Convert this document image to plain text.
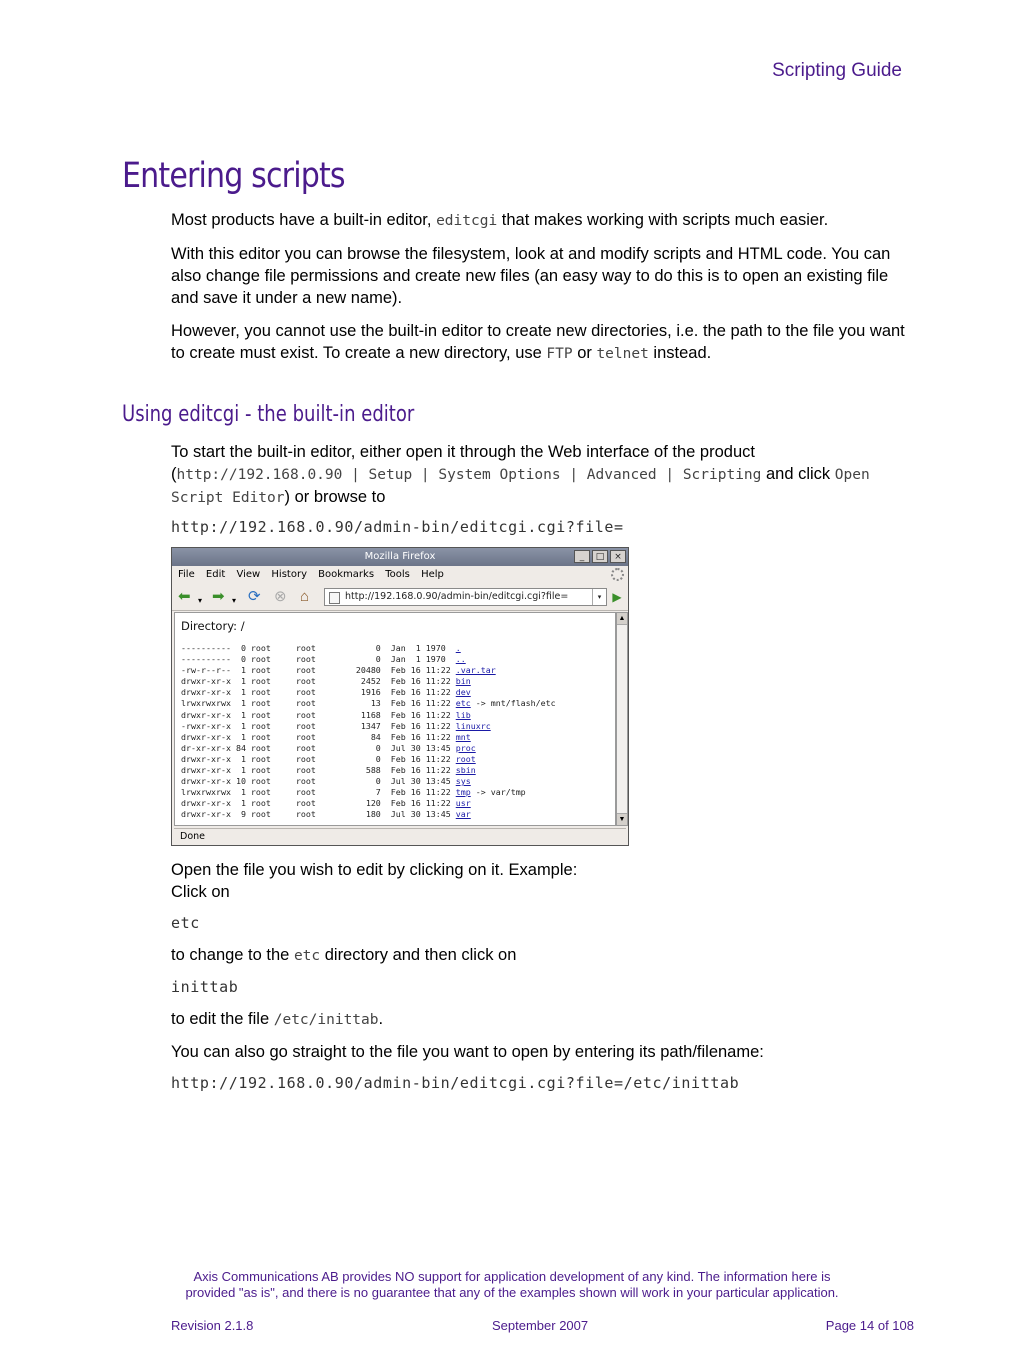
Scripting Guide
Entering scripts
Most products have a built-in editor, editcgi that makes working with scripts much easier.
With this editor you can browse the filesystem, look at and modify scripts and HTML code. You can also change file permissions and create new files (an easy way to do this is to open an existing file and save it under a new name).
However, you cannot use the built-in editor to create new directories, i.e. the path to the file you want to create must exist. To create a new directory, use FTP or telnet instead.
Using editcgi - the built-in editor
To start the built-in editor, either open it through the Web interface of the product (http://192.168.0.90 | Setup | System Options | Advanced | Scripting and click Open Script Editor) or browse to
http://192.168.0.90/admin-bin/editcgi.cgi?file=
Mozilla Firefox	_	□	×
File Edit View History Bookmarks Tools Help
⬅ ▾ ➡ ▾ ⟳ ⊗ ⌂	http://192.168.0.90/admin-bin/editcgi.cgi?file=	▾ ▶
Directory: /
----------  0 root     root            0  Jan  1 1970  .
----------  0 root     root            0  Jan  1 1970  ..
-rw-r--r--  1 root     root        20480  Feb 16 11:22 .var.tar
drwxr-xr-x  1 root     root         2452  Feb 16 11:22 bin
drwxr-xr-x  1 root     root         1916  Feb 16 11:22 dev
lrwxrwxrwx  1 root     root           13  Feb 16 11:22 etc -> mnt/flash/etc
drwxr-xr-x  1 root     root         1168  Feb 16 11:22 lib
-rwxr-xr-x  1 root     root         1347  Feb 16 11:22 linuxrc
drwxr-xr-x  1 root     root           84  Feb 16 11:22 mnt
dr-xr-xr-x 84 root     root            0  Jul 30 13:45 proc
drwxr-xr-x  1 root     root            0  Feb 16 11:22 root
drwxr-xr-x  1 root     root          588  Feb 16 11:22 sbin
drwxr-xr-x 10 root     root            0  Jul 30 13:45 sys
lrwxrwxrwx  1 root     root            7  Feb 16 11:22 tmp -> var/tmp
drwxr-xr-x  1 root     root          120  Feb 16 11:22 usr
drwxr-xr-x  9 root     root          180  Jul 30 13:45 var
▲
▼
Done
Open the file you wish to edit by clicking on it. Example:
Click on
etc
to change to the etc directory and then click on
inittab
to edit the file /etc/inittab.
You can also go straight to the file you want to open by entering its path/filename:
http://192.168.0.90/admin-bin/editcgi.cgi?file=/etc/inittab
Axis Communications AB provides NO support for application development of any kind. The information here is
provided "as is", and there is no guarantee that any of the examples shown will work in your particular application.
Revision 2.1.8	September 2007	Page 14 of 108
